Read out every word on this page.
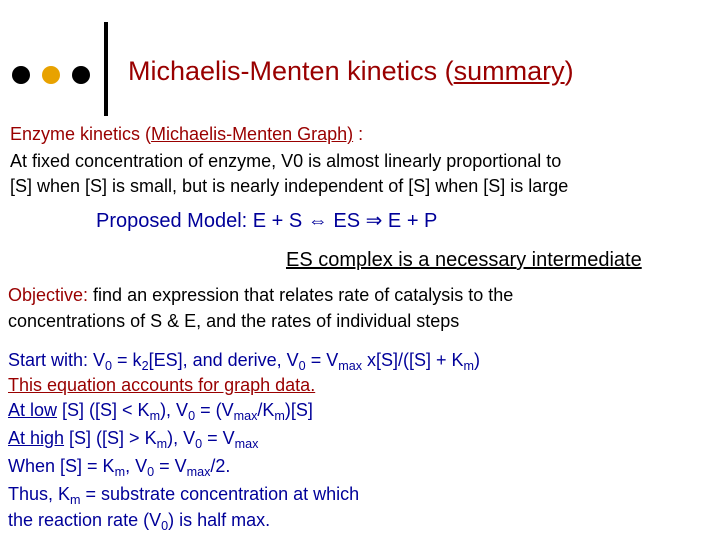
Michaelis-Menten kinetics (summary)
Enzyme kinetics (Michaelis-Menten Graph) :
At fixed concentration of enzyme, V0 is almost linearly proportional to
[S] when [S] is small, but is nearly independent of [S] when [S] is large
Proposed Model: E + S ⇔ ES ⇒ E + P
ES complex is a necessary intermediate
Objective: find an expression that relates rate of catalysis to the
concentrations of S & E, and the rates of individual steps
Start with: $V_0 = k_2[ES]$, and derive, $V_0 = V_{max}$ $x[S]/([S] + K_m)$
This equation accounts for graph data.
At low [S] $([S] < K_m)$, $V_0 = (V_{max}/K_m)[S]$
At high [S] $([S] > K_m)$, $V_0 = V_{max}$
When $[S] = K_m$, $V_0 = V_{max}/2$.
Thus, $K_m$ = substrate concentration at which
the reaction rate $(V_0)$ is half max.
